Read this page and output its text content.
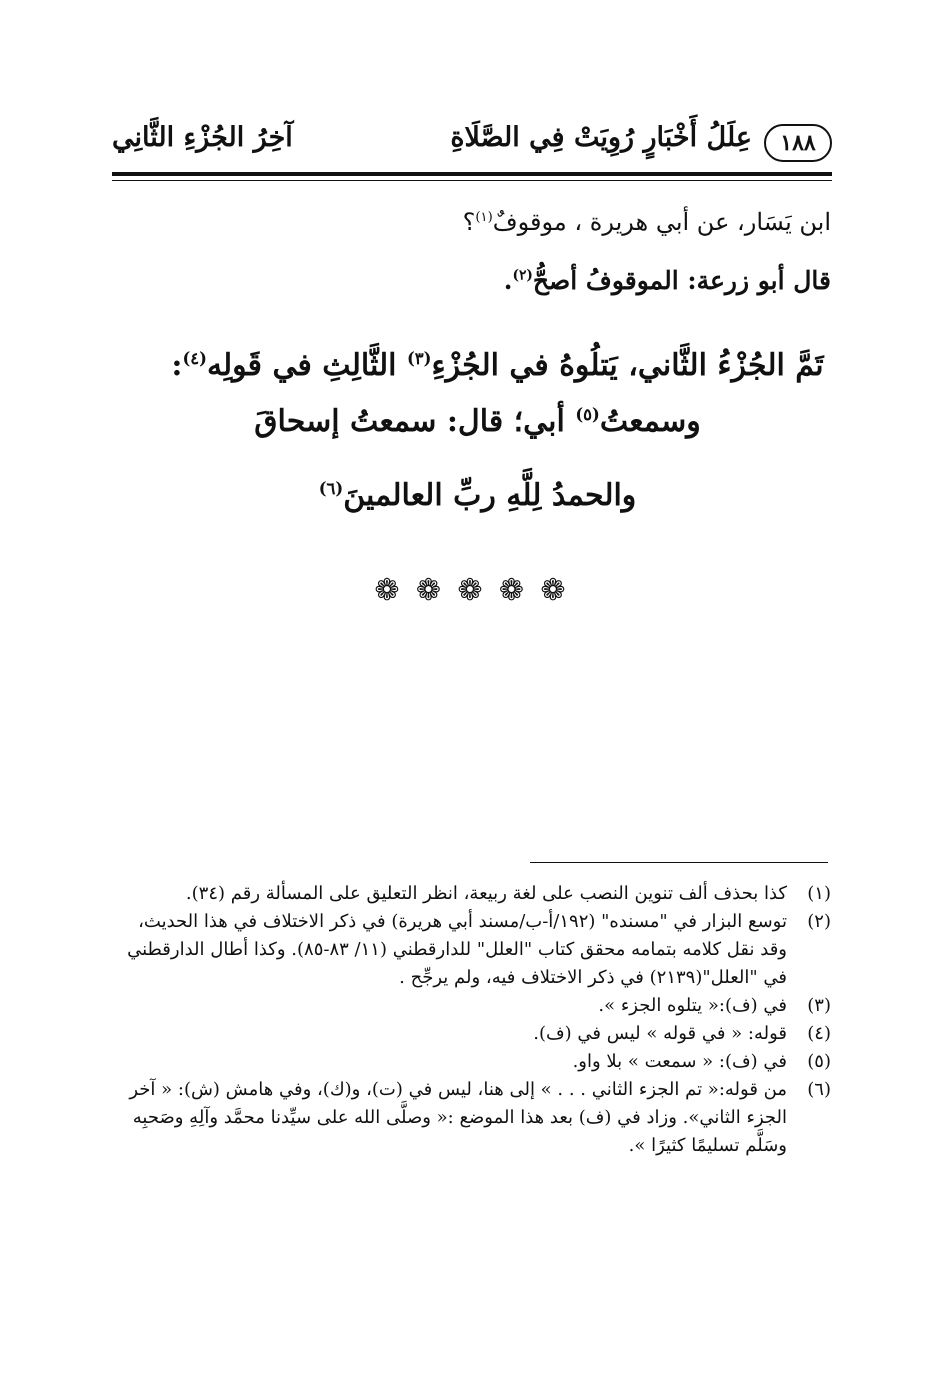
١٨٨
عِلَلُ أَخْبَارٍ رُوِيَتْ فِي الصَّلَاةِ
آخِرُ الجُزْءِ الثَّانِي
ابن يَسَار، عن أبي هريرة ، موقوفٌ$^{(١)}$؟
قال أبو زرعة: الموقوفُ أصحُّ$^{(٢)}$.
تَمَّ الجُزْءُ الثَّاني، يَتلُوهُ في الجُزْءِ$^{(٣)}$ الثَّالِثِ في قَولِه$^{(٤)}$:
وسمعتُ$^{(٥)}$ أبي؛ قال: سمعتُ إسحاقَ
والحمدُ لِلَّهِ ربِّ العالمينَ$^{(٦)}$
❁
❁
❁
❁
❁

(١)
كذا بحذف ألف تنوين النصب على لغة ربيعة، انظر التعليق على المسألة رقم (٣٤).

(٢)
توسع البزار في "مسنده" (١٩٢/أ-ب/مسند أبي هريرة) في ذكر الاختلاف في هذا الحديث، وقد نقل كلامه بتمامه محقق كتاب "العلل" للدارقطني (١١/ ٨٣-٨٥). وكذا أطال الدارقطني في "العلل"(٢١٣٩) في ذكر الاختلاف فيه، ولم يرجِّح .

(٣)
في (ف):« يتلوه الجزء ».

(٤)
قوله: « في قوله » ليس في (ف).

(٥)
في (ف): « سمعت » بلا واو.

(٦)
من قوله:« تم الجزء الثاني . . . » إلى هنا، ليس في (ت)، و(ك)، وفي هامش (ش): « آخر الجزء الثاني». وزاد في (ف) بعد هذا الموضع :« وصلَّى الله على سيِّدنا محمَّد وآلِهِ وصَحبِه وسَلَّم تسليمًا كثيرًا ».
